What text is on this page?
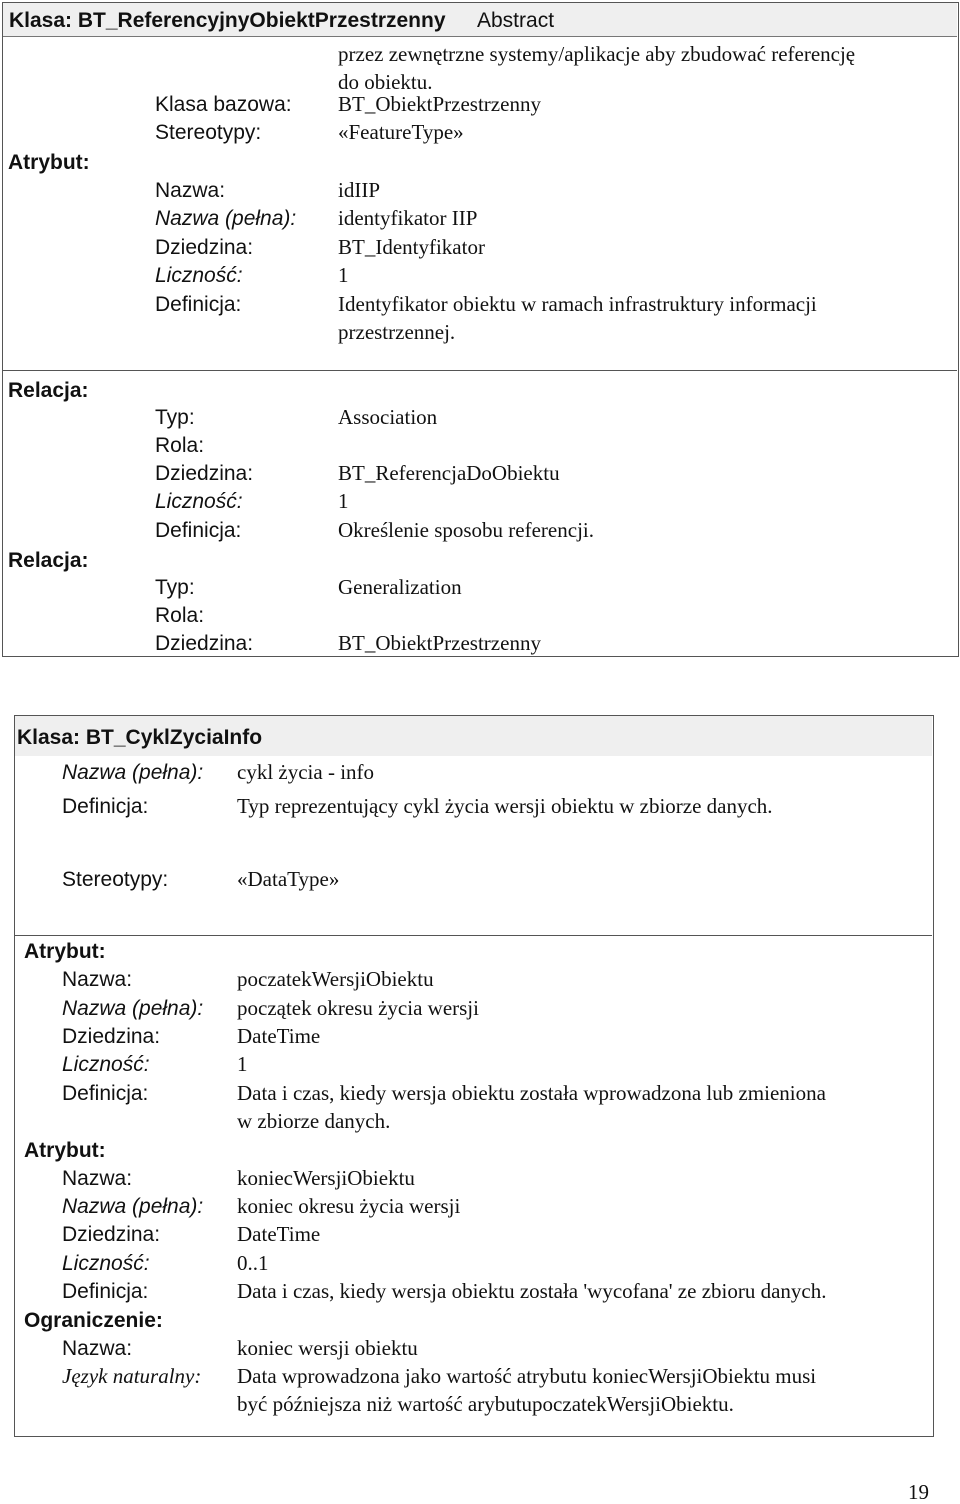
Klasa: BT_ReferencyjnyObiektPrzestrzenny Abstract
przez zewnętrzne systemy/aplikacje aby zbudować referencję
do obiektu.
Klasa bazowa: BT_ObiektPrzestrzenny
Stereotypy:	«FeatureType»
Atrybut:
Nazwa:	idIIP
Nazwa (pełna): identyfikator IIP
Dziedzina:	BT_Identyfikator
Liczność:	1
Definicja:	Identyfikator obiektu w ramach infrastruktury informacji
przestrzennej.
Relacja:
Typ:	Association
Rola:
Dziedzina:	BT_ReferencjaDoObiektu
Liczność:	1
Definicja:	Określenie sposobu referencji.
Relacja:
Typ:	Generalization
Rola:
Dziedzina:	BT_ObiektPrzestrzenny
Klasa: BT_CyklZyciaInfo
Nazwa (pełna): cykl życia - info
Definicja:	Typ reprezentujący cykl życia wersji obiektu w zbiorze danych.
Stereotypy:	«DataType»
Atrybut:
Nazwa:	poczatekWersjiObiektu
Nazwa (pełna): początek okresu życia wersji
Dziedzina:	DateTime
Liczność:	1
Definicja:	Data i czas, kiedy wersja obiektu została wprowadzona lub zmieniona
w zbiorze danych.
Atrybut:
Nazwa:	koniecWersjiObiektu
Nazwa (pełna): koniec okresu życia wersji
Dziedzina:	DateTime
Liczność:	0..1
Definicja:	Data i czas, kiedy wersja obiektu została 'wycofana' ze zbioru danych.
Ograniczenie:
Nazwa:	koniec wersji obiektu
Język naturalny: Data wprowadzona jako wartość atrybutu koniecWersjiObiektu musi
być późniejsza niż wartość arybutupoczatekWersjiObiektu.
19
